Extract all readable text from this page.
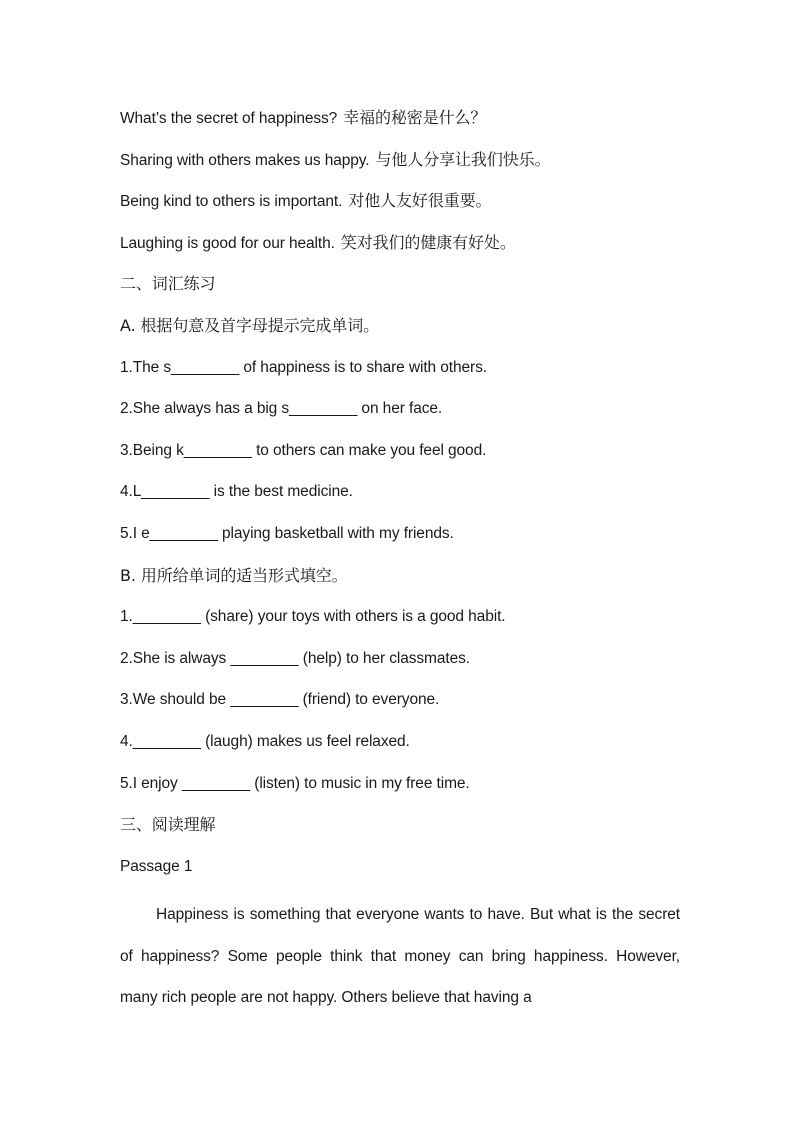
What’s the secret of happiness? 幸福的秘密是什么？
Sharing with others makes us happy. 与他人分享让我们快乐。
Being kind to others is important. 对他人友好很重要。
Laughing is good for our health. 笑对我们的健康有好处。
二、词汇练习
A. 根据句意及首字母提示完成单词。
1.The s________ of happiness is to share with others.
2.She always has a big s________ on her face.
3.Being k________ to others can make you feel good.
4.L________ is the best medicine.
5.I e________ playing basketball with my friends.
B. 用所给单词的适当形式填空。
1.________ (share) your toys with others is a good habit.
2.She is always ________ (help) to her classmates.
3.We should be ________ (friend) to everyone.
4.________ (laugh) makes us feel relaxed.
5.I enjoy ________ (listen) to music in my free time.
三、阅读理解
Passage 1

Happiness is something that everyone wants to have. But what is the secret of happiness? Some people think that money can bring happiness. However, many rich people are not happy. Others believe that having a
